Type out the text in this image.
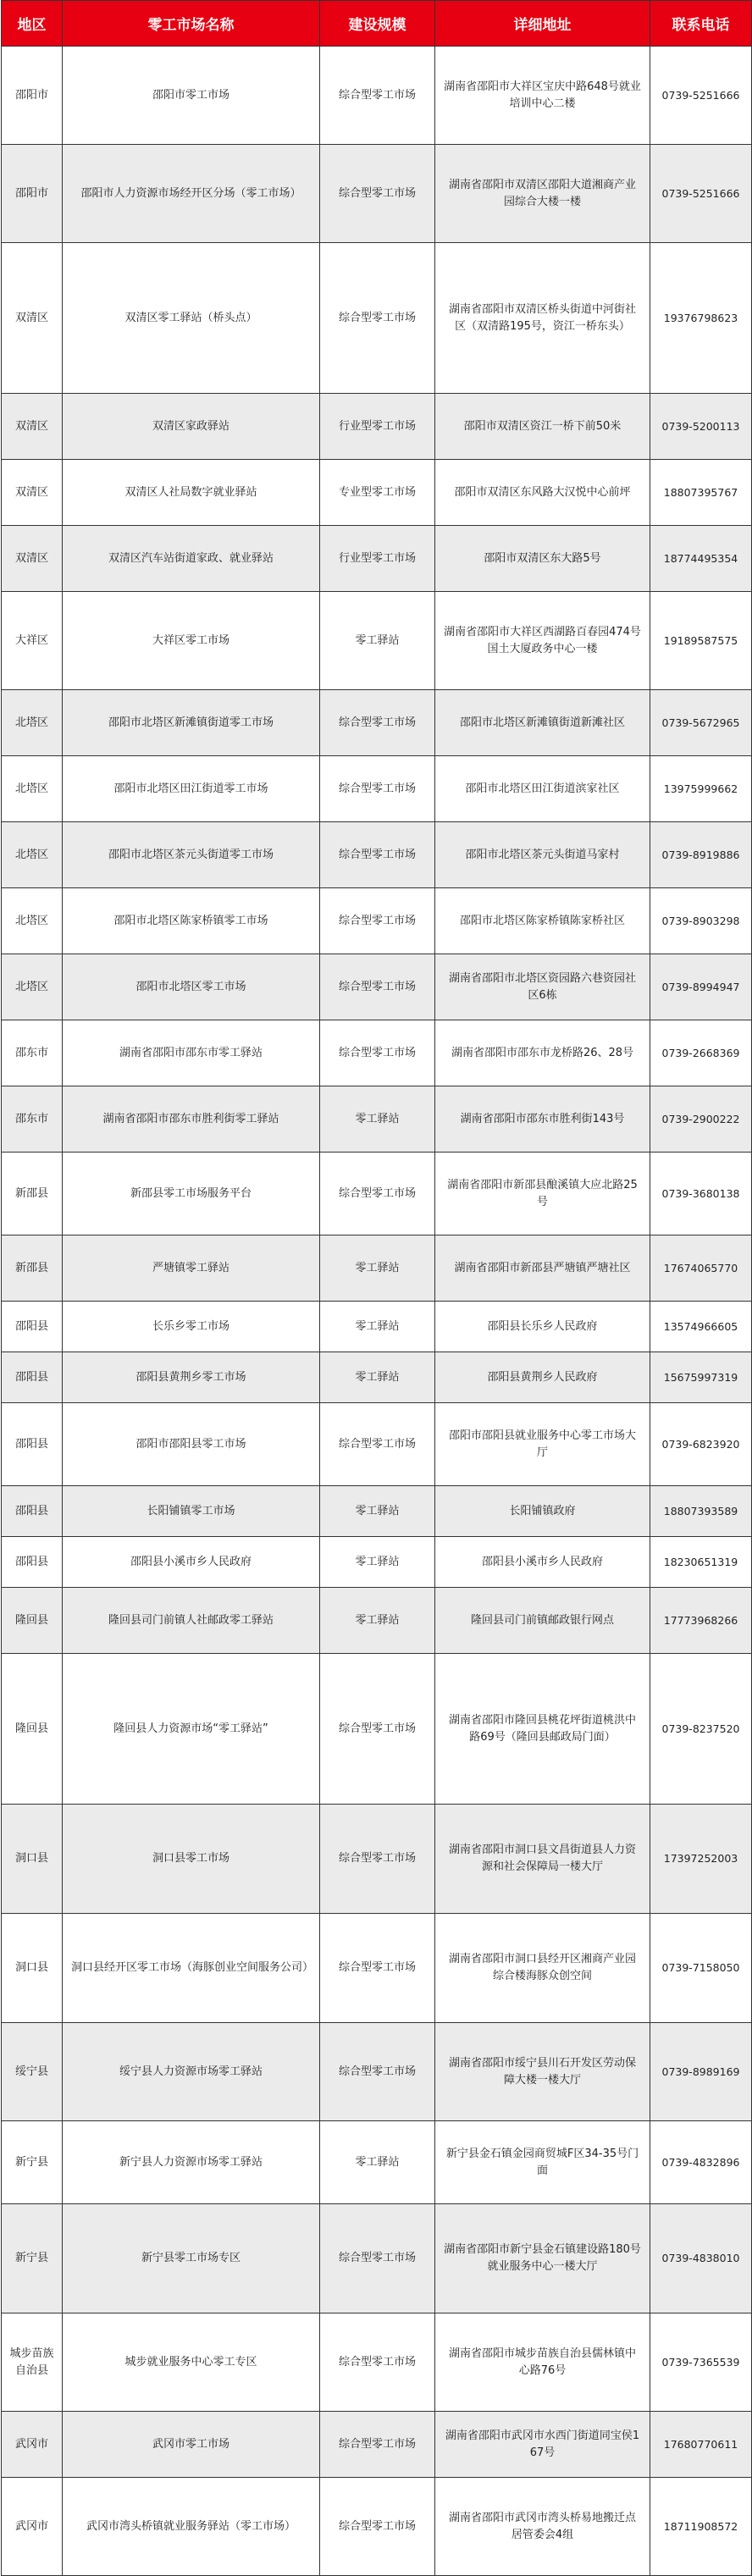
地区	零工市场名称	建设规模	详细地址	联系电话
邵阳市	邵阳市零工市场	综合型零工市场	湖南省邵阳市大祥区宝庆中路648号就业培训中心二楼	0739-5251666
邵阳市	邵阳市人力资源市场经开区分场（零工市场）	综合型零工市场	湖南省邵阳市双清区邵阳大道湘商产业园综合大楼一楼	0739-5251666
双清区	双清区零工驿站（桥头点）	综合型零工市场	湖南省邵阳市双清区桥头街道中河街社区（双清路195号，资江一桥东头）	19376798623
双清区	双清区家政驿站	行业型零工市场	邵阳市双清区资江一桥下前50米	0739-5200113
双清区	双清区人社局数字就业驿站	专业型零工市场	邵阳市双清区东风路大汉悦中心前坪	18807395767
双清区	双清区汽车站街道家政、就业驿站	行业型零工市场	邵阳市双清区东大路5号	18774495354
大祥区	大祥区零工市场	零工驿站	湖南省邵阳市大祥区西湖路百春园474号国土大厦政务中心一楼	19189587575
北塔区	邵阳市北塔区新滩镇街道零工市场	综合型零工市场	邵阳市北塔区新滩镇街道新滩社区	0739-5672965
北塔区	邵阳市北塔区田江街道零工市场	综合型零工市场	邵阳市北塔区田江街道滨家社区	13975999662
北塔区	邵阳市北塔区茶元头街道零工市场	综合型零工市场	邵阳市北塔区茶元头街道马家村	0739-8919886
北塔区	邵阳市北塔区陈家桥镇零工市场	综合型零工市场	邵阳市北塔区陈家桥镇陈家桥社区	0739-8903298
北塔区	邵阳市北塔区零工市场	综合型零工市场	湖南省邵阳市北塔区资园路六巷资园社区6栋	0739-8994947
邵东市	湖南省邵阳市邵东市零工驿站	综合型零工市场	湖南省邵阳市邵东市龙桥路26、28号	0739-2668369
邵东市	湖南省邵阳市邵东市胜利街零工驿站	零工驿站	湖南省邵阳市邵东市胜利街143号	0739-2900222
新邵县	新邵县零工市场服务平台	综合型零工市场	湖南省邵阳市新邵县酿溪镇大应北路25号	0739-3680138
新邵县	严塘镇零工驿站	零工驿站	湖南省邵阳市新邵县严塘镇严塘社区	17674065770
邵阳县	长乐乡零工市场	零工驿站	邵阳县长乐乡人民政府	13574966605
邵阳县	邵阳县黄荆乡零工市场	零工驿站	邵阳县黄荆乡人民政府	15675997319
邵阳县	邵阳市邵阳县零工市场	综合型零工市场	邵阳市邵阳县就业服务中心零工市场大厅	0739-6823920
邵阳县	长阳铺镇零工市场	零工驿站	长阳铺镇政府	18807393589
邵阳县	邵阳县小溪市乡人民政府	零工驿站	邵阳县小溪市乡人民政府	18230651319
隆回县	隆回县司门前镇人社邮政零工驿站	零工驿站	隆回县司门前镇邮政银行网点	17773968266
隆回县	隆回县人力资源市场“零工驿站”	综合型零工市场	湖南省邵阳市隆回县桃花坪街道桃洪中路69号（隆回县邮政局门面）	0739-8237520
洞口县	洞口县零工市场	综合型零工市场	湖南省邵阳市洞口县文昌街道县人力资源和社会保障局一楼大厅	17397252003
洞口县	洞口县经开区零工市场（海豚创业空间服务公司）	综合型零工市场	湖南省邵阳市洞口县经开区湘商产业园综合楼海豚众创空间	0739-7158050
绥宁县	绥宁县人力资源市场零工驿站	综合型零工市场	湖南省邵阳市绥宁县川石开发区劳动保障大楼一楼大厅	0739-8989169
新宁县	新宁县人力资源市场零工驿站	零工驿站	新宁县金石镇金园商贸城F区34-35号门面	0739-4832896
新宁县	新宁县零工市场专区	综合型零工市场	湖南省邵阳市新宁县金石镇建设路180号就业服务中心一楼大厅	0739-4838010
城步苗族自治县	城步就业服务中心零工专区	综合型零工市场	湖南省邵阳市城步苗族自治县儒林镇中心路76号	0739-7365539
武冈市	武冈市零工市场	综合型零工市场	湖南省邵阳市武冈市水西门街道同宝侯167号	17680770611
武冈市	武冈市湾头桥镇就业服务驿站（零工市场）	综合型零工市场	湖南省邵阳市武冈市湾头桥易地搬迁点居管委会4组	18711908572
